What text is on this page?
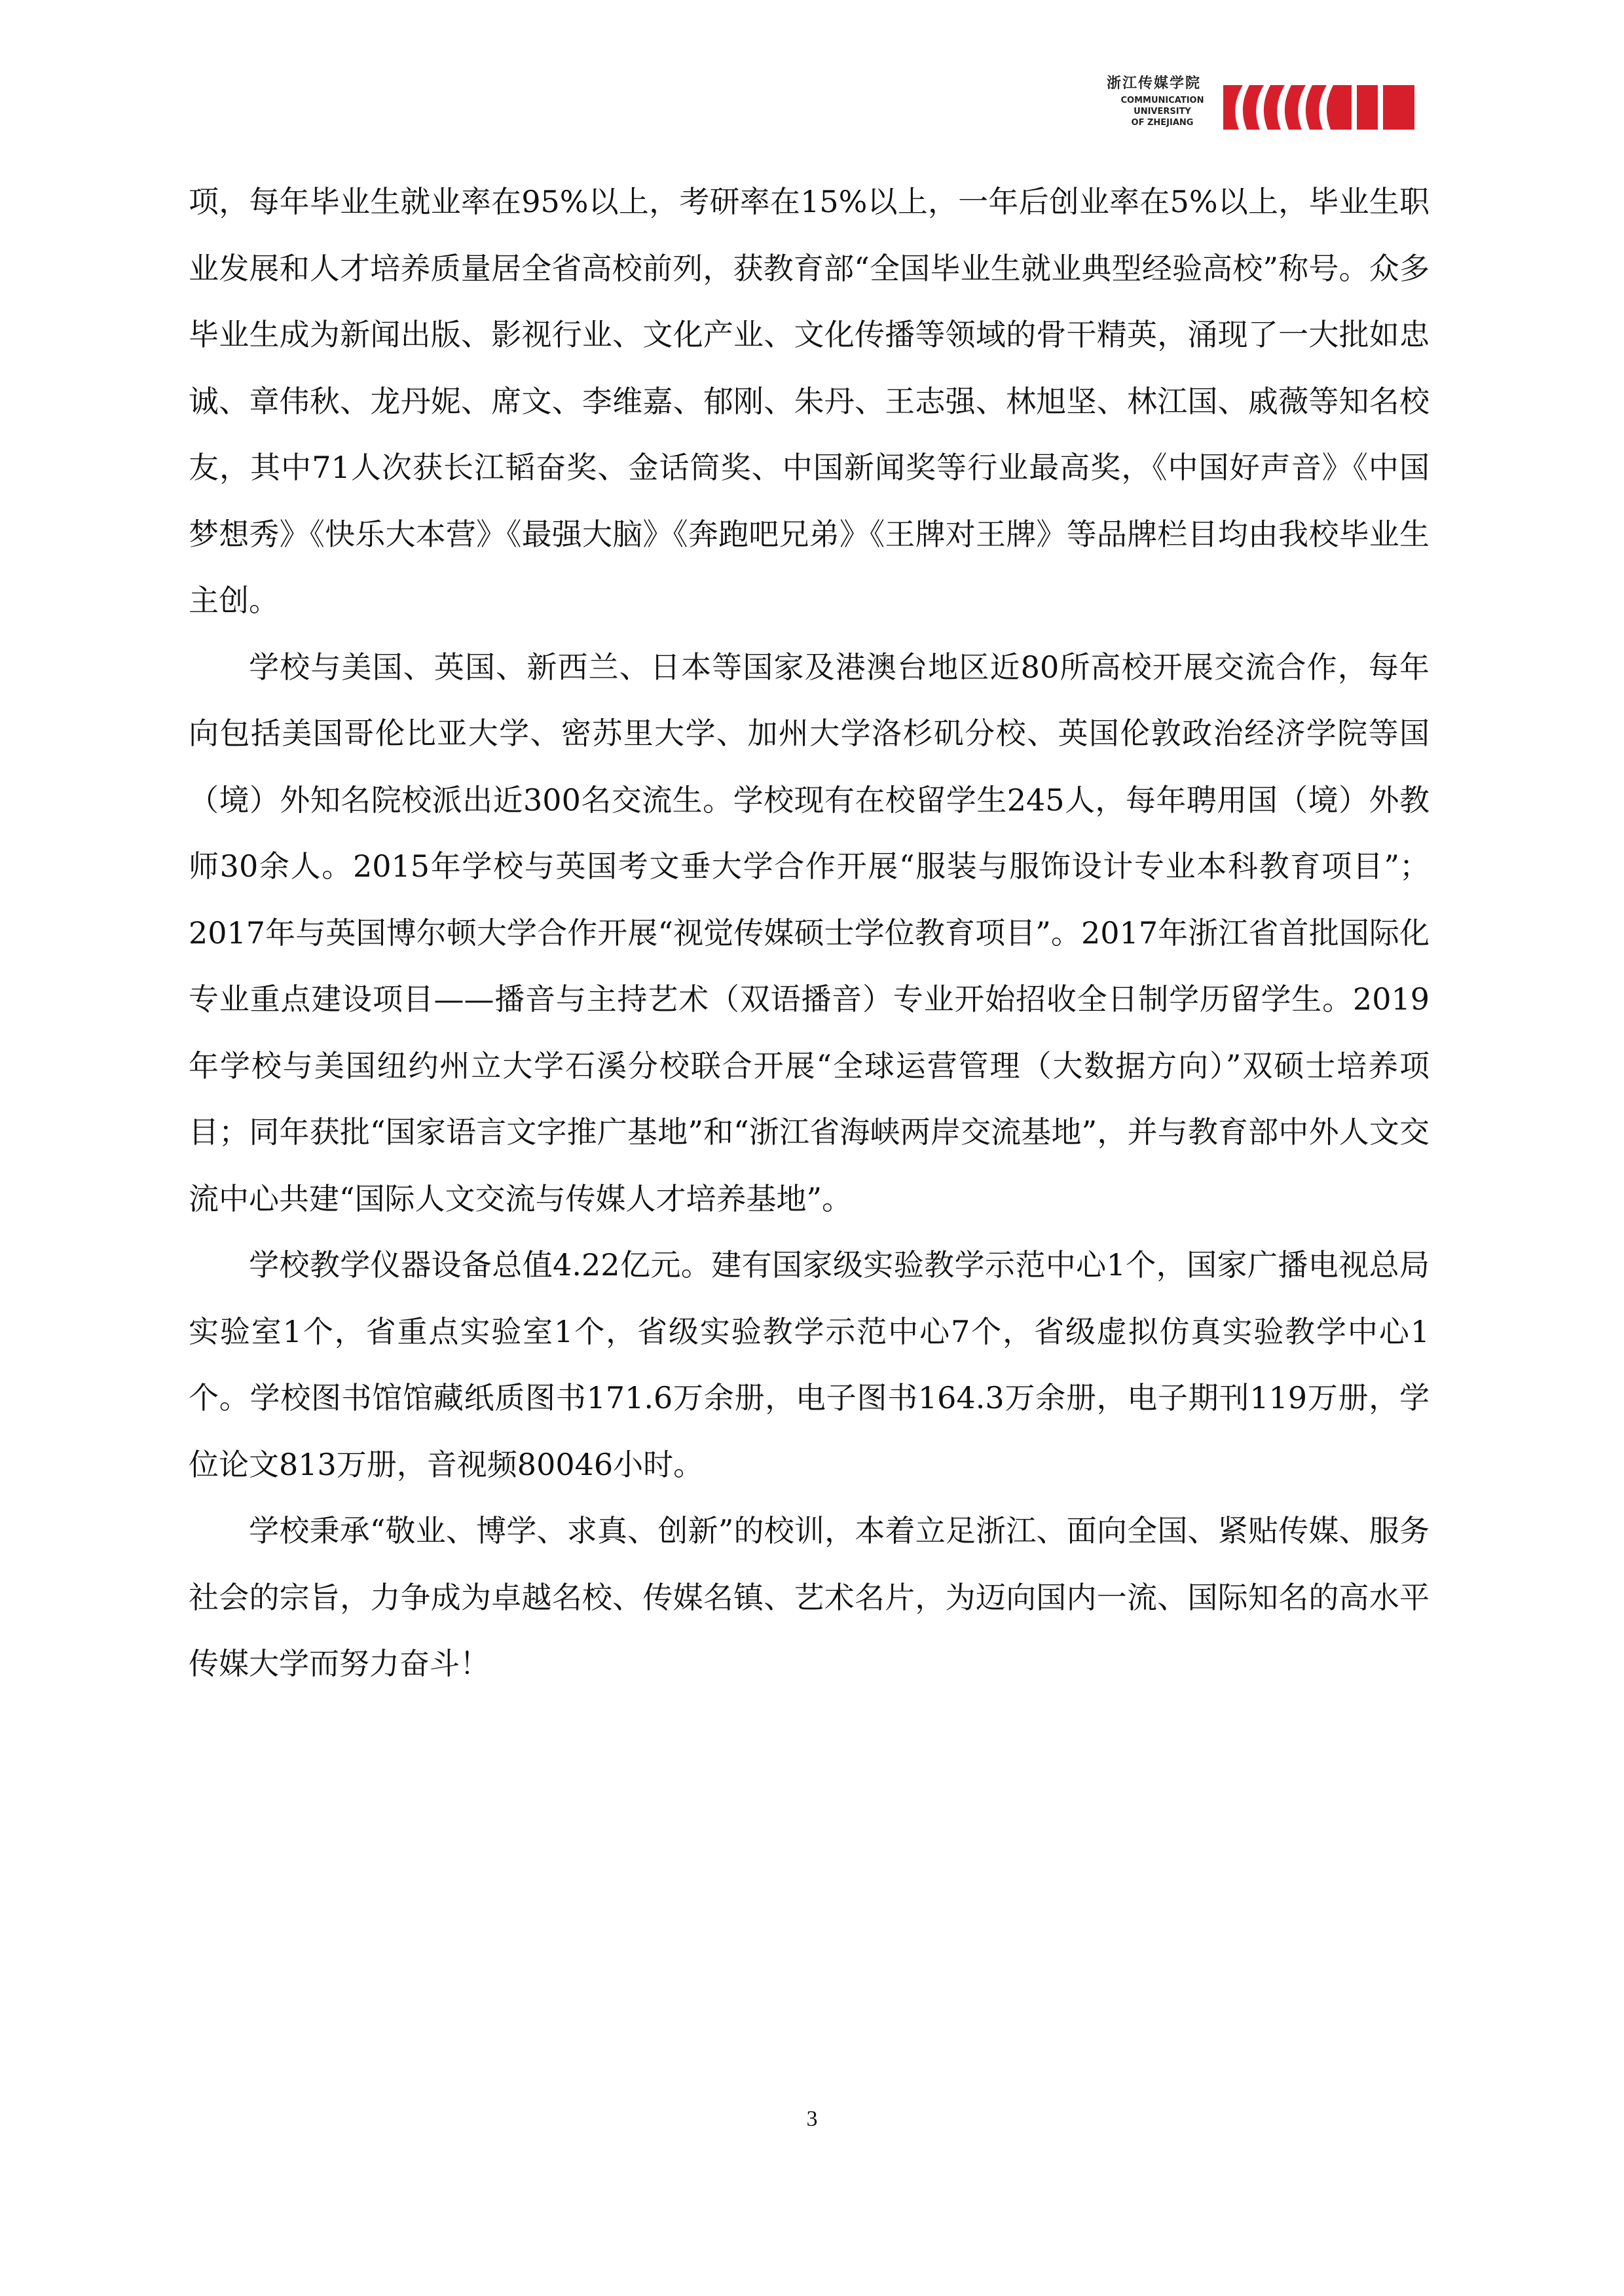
浙江传媒学院
COMMUNICATION
UNIVERSITY
OF ZHEJIANG

项，每年毕业生就业率在95%以上，考研率在15%以上，一年后创业率在5%以上，毕业生职业发展和人才培养质量居全省高校前列，获教育部“全国毕业生就业典型经验高校”称号。众多毕业生成为新闻出版、影视行业、文化产业、文化传播等领域的骨干精英，涌现了一大批如忠诚、章伟秋、龙丹妮、席文、李维嘉、郁刚、朱丹、王志强、林旭坚、林江国、戚薇等知名校友，其中71人次获长江韬奋奖、金话筒奖、中国新闻奖等行业最高奖，《中国好声音》《中国梦想秀》《快乐大本营》《最强大脑》《奔跑吧兄弟》《王牌对王牌》等品牌栏目均由我校毕业生主创。

学校与美国、英国、新西兰、日本等国家及港澳台地区近80所高校开展交流合作，每年向包括美国哥伦比亚大学、密苏里大学、加州大学洛杉矶分校、英国伦敦政治经济学院等国（境）外知名院校派出近300名交流生。学校现有在校留学生245人，每年聘用国（境）外教师30余人。2015年学校与英国考文垂大学合作开展“服装与服饰设计专业本科教育项目”；2017年与英国博尔顿大学合作开展“视觉传媒硕士学位教育项目”。2017年浙江省首批国际化专业重点建设项目——播音与主持艺术（双语播音）专业开始招收全日制学历留学生。2019年学校与美国纽约州立大学石溪分校联合开展“全球运营管理（大数据方向）”双硕士培养项目；同年获批“国家语言文字推广基地”和“浙江省海峡两岸交流基地”，并与教育部中外人文交流中心共建“国际人文交流与传媒人才培养基地”。

学校教学仪器设备总值4.22亿元。建有国家级实验教学示范中心1个，国家广播电视总局实验室1个，省重点实验室1个，省级实验教学示范中心7个，省级虚拟仿真实验教学中心1个。学校图书馆馆藏纸质图书171.6万余册，电子图书164.3万余册，电子期刊119万册，学位论文813万册，音视频80046小时。

学校秉承“敬业、博学、求真、创新”的校训，本着立足浙江、面向全国、紧贴传媒、服务社会的宗旨，力争成为卓越名校、传媒名镇、艺术名片，为迈向国内一流、国际知名的高水平传媒大学而努力奋斗！

3
